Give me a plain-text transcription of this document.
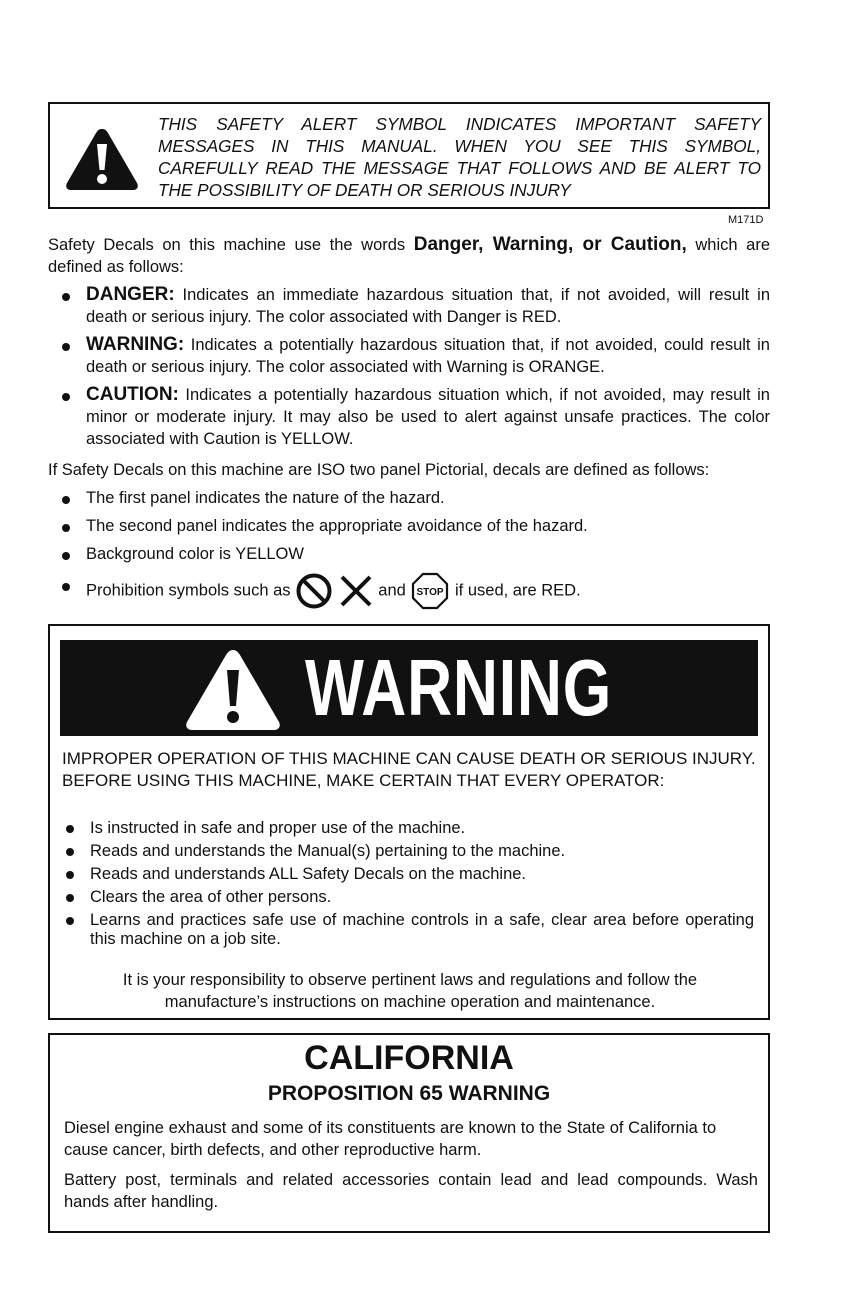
THIS SAFETY ALERT SYMBOL INDICATES IMPORTANT SAFETY MESSAGES IN THIS MANUAL. WHEN YOU SEE THIS SYMBOL, CAREFULLY READ THE MESSAGE THAT FOLLOWS AND BE ALERT TO THE POSSIBILITY OF DEATH OR SERIOUS INJURY
M171D
Safety Decals on this machine use the words Danger, Warning, or Caution, which are defined as follows:
DANGER: Indicates an immediate hazardous situation that, if not avoided, will result in death or serious injury. The color associated with Danger is RED.
WARNING: Indicates a potentially hazardous situation that, if not avoided, could result in death or serious injury. The color associated with Warning is ORANGE.
CAUTION: Indicates a potentially hazardous situation which, if not avoided, may result in minor or moderate injury. It may also be used to alert against unsafe practices. The color associated with Caution is YELLOW.
If Safety Decals on this machine are ISO two panel Pictorial, decals are defined as follows:
The first panel indicates the nature of the hazard.
The second panel indicates the appropriate avoidance of the hazard.
Background color is YELLOW
Prohibition symbols such as	and STOP if used, are RED.
WARNING
IMPROPER OPERATION OF THIS MACHINE CAN CAUSE DEATH OR SERIOUS INJURY. BEFORE USING THIS MACHINE, MAKE CERTAIN THAT EVERY OPERATOR:
Is instructed in safe and proper use of the machine.
Reads and understands the Manual(s) pertaining to the machine.
Reads and understands ALL Safety Decals on the machine.
Clears the area of other persons.
Learns and practices safe use of machine controls in a safe, clear area before operating this machine on a job site.
It is your responsibility to observe pertinent laws and regulations and follow the manufacture’s instructions on machine operation and maintenance.
CALIFORNIA
PROPOSITION 65 WARNING
Diesel engine exhaust and some of its constituents are known to the State of California to cause cancer, birth defects, and other reproductive harm.
Battery post, terminals and related accessories contain lead and lead compounds. Wash hands after handling.
